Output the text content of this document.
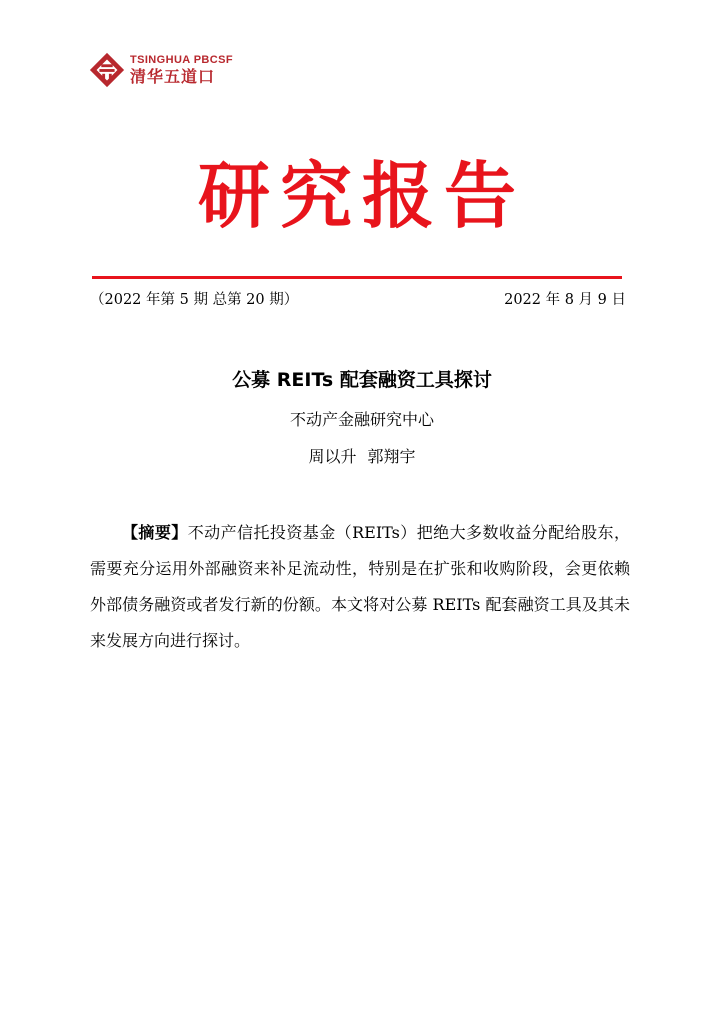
TSINGHUA PBCSF
清华五道口
研究报告
（2022 年第 5 期 总第 20 期）	2022 年 8 月 9 日
公募 REITs 配套融资工具探讨
不动产金融研究中心
周以升 郭翔宇

【摘要】不动产信托投资基金（REITs）把绝大多数收益分配给股东，需要充分运用外部融资来补足流动性，特别是在扩张和收购阶段，会更依赖外部债务融资或者发行新的份额。本文将对公募 REITs 配套融资工具及其未来发展方向进行探讨。
